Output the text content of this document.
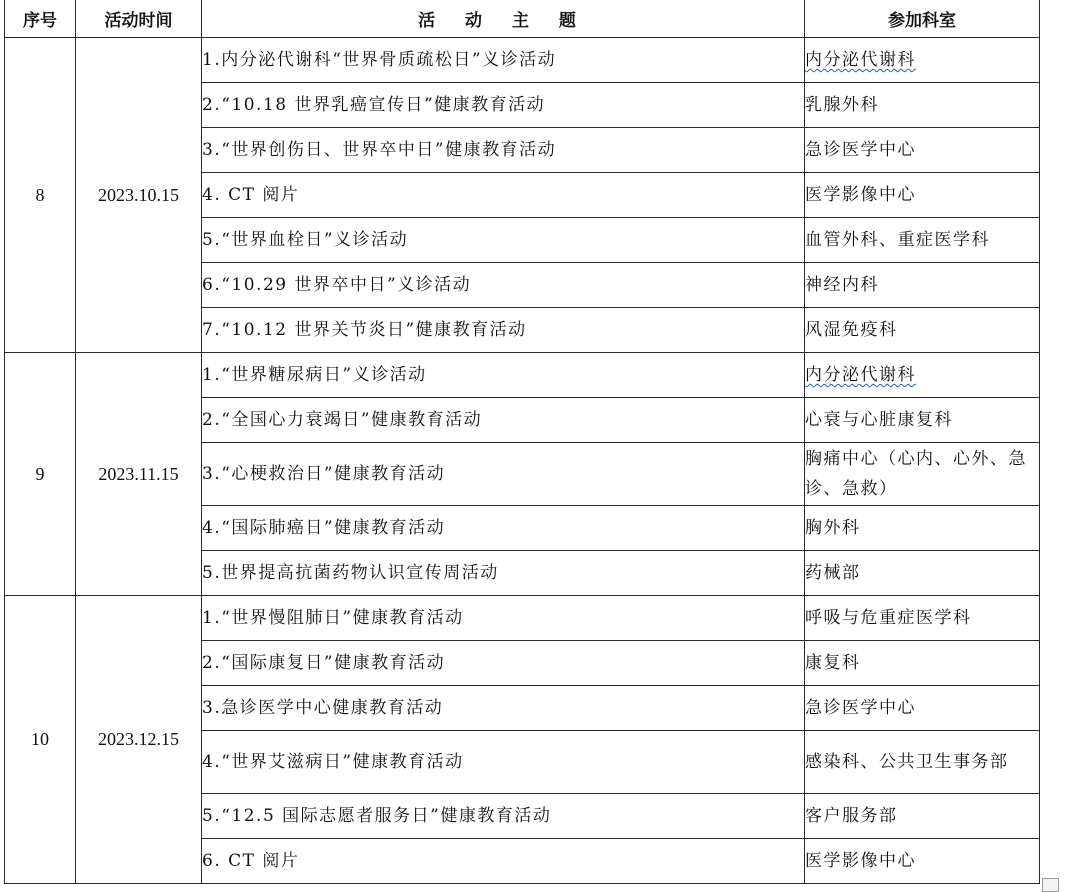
序号	活动时间	活 动 主 题	参加科室
8	2023.10.15	1.内分泌代谢科“世界骨质疏松日”义诊活动	内分泌代谢科
		2.“10.18 世界乳癌宣传日”健康教育活动	乳腺外科
		3.“世界创伤日、世界卒中日”健康教育活动	急诊医学中心
		4. CT 阅片	医学影像中心
		5.“世界血栓日”义诊活动	血管外科、重症医学科
		6.“10.29 世界卒中日”义诊活动	神经内科
		7.“10.12 世界关节炎日”健康教育活动	风湿免疫科
9	2023.11.15	1.“世界糖尿病日”义诊活动	内分泌代谢科
		2.“全国心力衰竭日”健康教育活动	心衰与心脏康复科
		3.“心梗救治日”健康教育活动	胸痛中心（心内、心外、急诊、急救）
		4.“国际肺癌日”健康教育活动	胸外科
		5.世界提高抗菌药物认识宣传周活动	药械部
10	2023.12.15	1.“世界慢阻肺日”健康教育活动	呼吸与危重症医学科
		2.“国际康复日”健康教育活动	康复科
		3.急诊医学中心健康教育活动	急诊医学中心
		4.“世界艾滋病日”健康教育活动	感染科、公共卫生事务部
		5.“12.5 国际志愿者服务日”健康教育活动	客户服务部
		6. CT 阅片	医学影像中心
